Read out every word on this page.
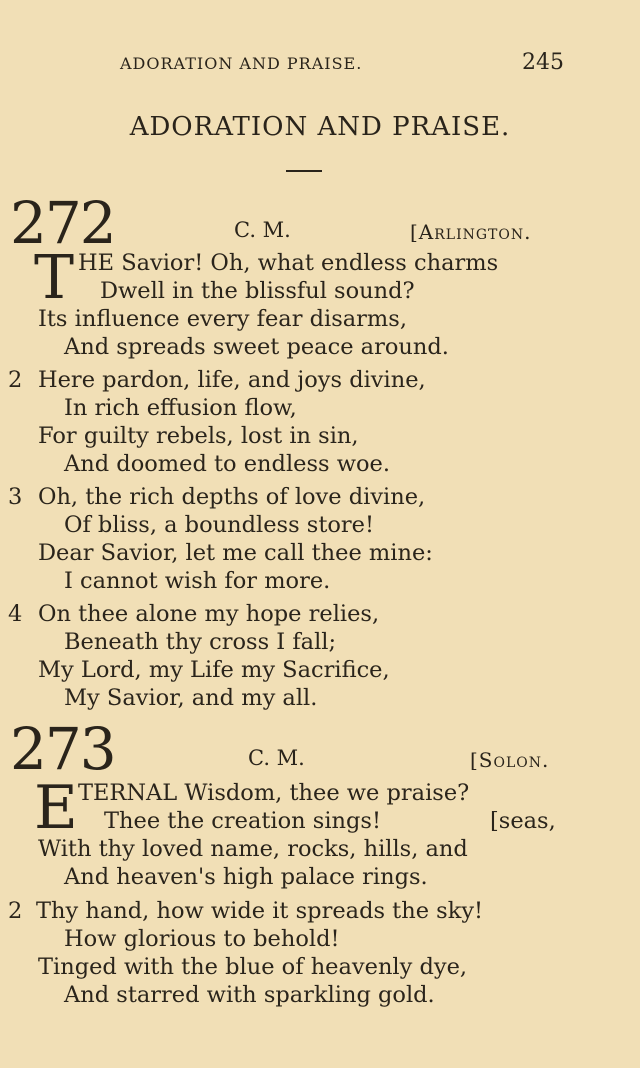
ADORATION AND PRAISE.	245
ADORATION AND PRAISE.
272	C. M.	[Arlington.
T HE Savior! Oh, what endless charms
Dwell in the blissful sound?
Its influence every fear disarms,
And spreads sweet peace around.
2 Here pardon, life, and joys divine,
In rich effusion flow,
For guilty rebels, lost in sin,
And doomed to endless woe.
3 Oh, the rich depths of love divine,
Of bliss, a boundless store!
Dear Savior, let me call thee mine:
I cannot wish for more.
4 On thee alone my hope relies,
Beneath thy cross I fall;
My Lord, my Life my Sacrifice,
My Savior, and my all.
273	C. M.	[Solon.
E TERNAL Wisdom, thee we praise?
Thee the creation sings!	[seas,
With thy loved name, rocks, hills, and
And heaven's high palace rings.
2 Thy hand, how wide it spreads the sky!
How glorious to behold!
Tinged with the blue of heavenly dye,
And starred with sparkling gold.
